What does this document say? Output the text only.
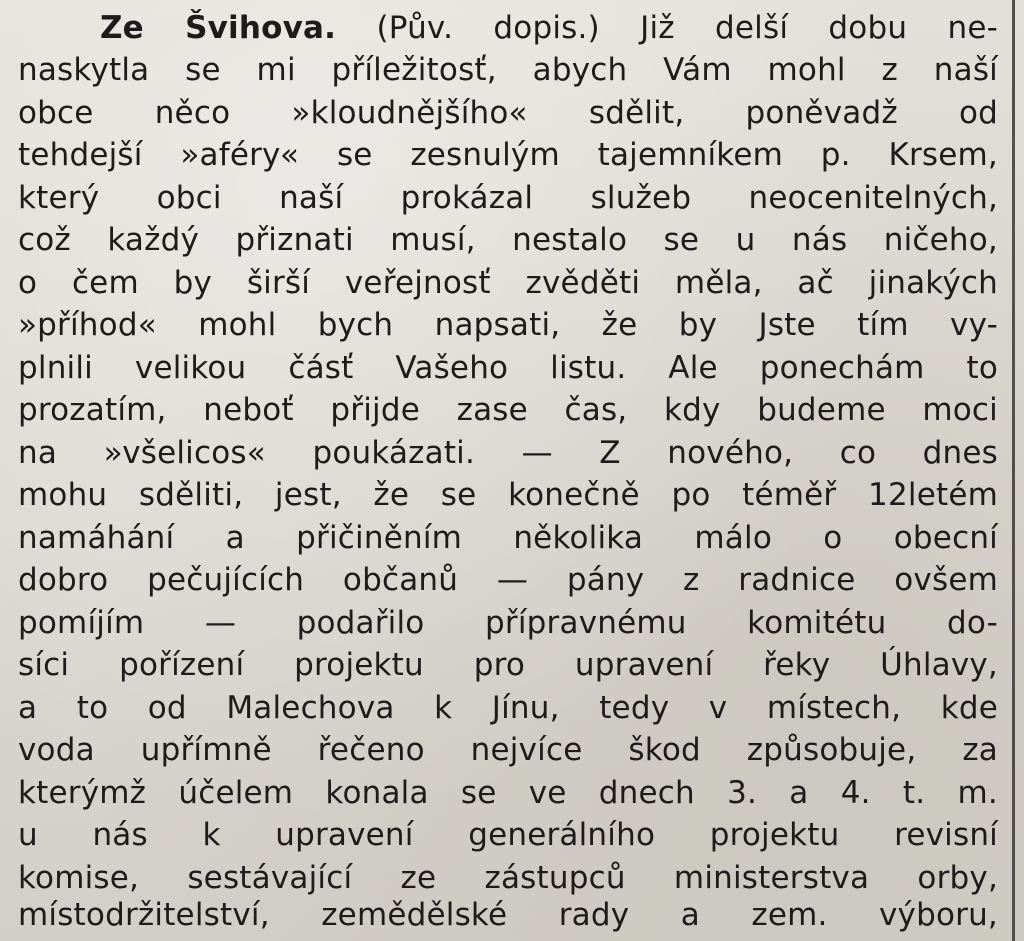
Ze Švihova. (Pův. dopis.) Již delší dobu ne-
naskytla se mi příležitosť, abych Vám mohl z naší
obce něco »kloudnějšího« sdělit, poněvadž od
tehdejší »aféry« se zesnulým tajemníkem p. Krsem,
který obci naší prokázal služeb neocenitelných,
což každý přiznati musí, nestalo se u nás ničeho,
o čem by širší veřejnosť zvěděti měla, ač jinakých
»příhod« mohl bych napsati, že by Jste tím vy-
plnili velikou čásť Vašeho listu. Ale ponechám to
prozatím, neboť přijde zase čas, kdy budeme moci
na »všelicos« poukázati. — Z nového, co dnes
mohu sděliti, jest, že se konečně po téměř 12letém
namáhání a přičiněním několika málo o obecní
dobro pečujících občanů — pány z radnice ovšem
pomíjím — podařilo přípravnému komitétu do-
síci pořízení projektu pro upravení řeky Úhlavy,
a to od Malechova k Jínu, tedy v místech, kde
voda upřímně řečeno nejvíce škod způsobuje, za
kterýmž účelem konala se ve dnech 3. a 4. t. m.
u nás k upravení generálního projektu revisní
komise, sestávající ze zástupců ministerstva orby,
místodržitelství, zemědělské rady a zem. výboru,
